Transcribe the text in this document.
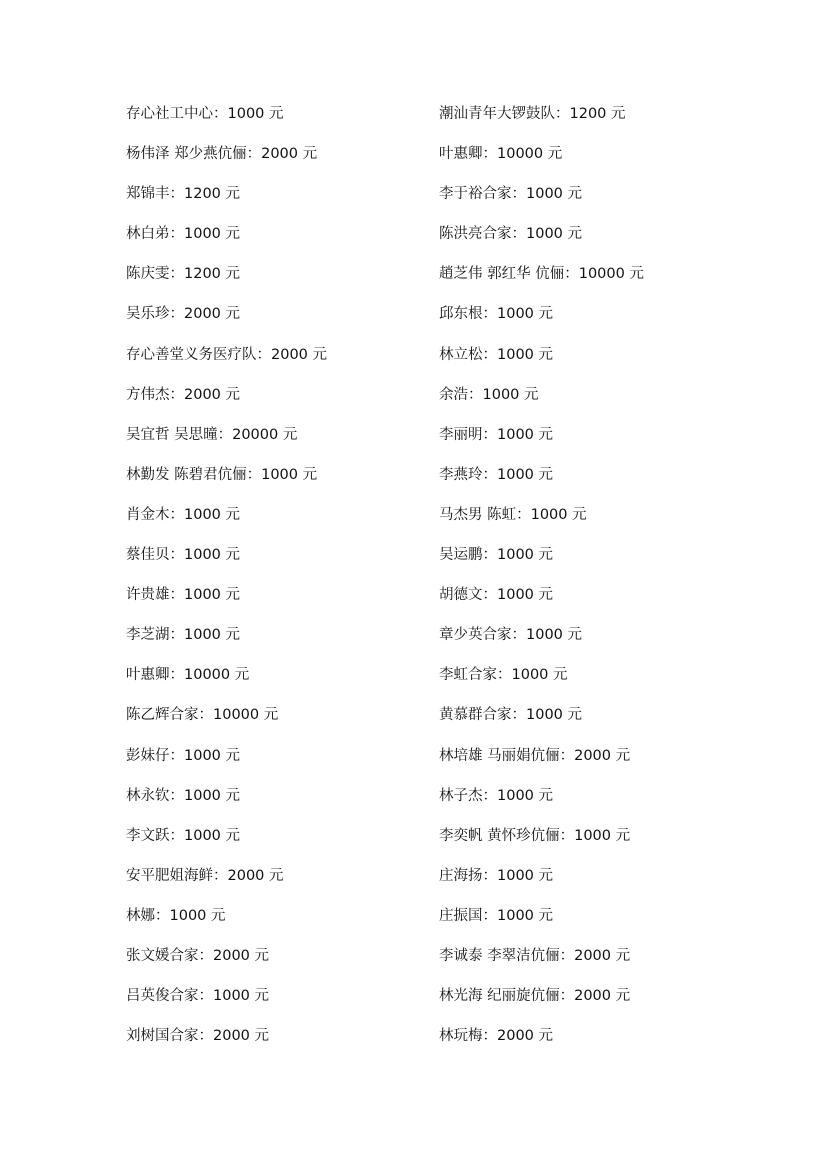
存心社工中心：1000 元
杨伟泽 郑少燕伉俪：2000 元
郑锦丰：1200 元
林白弟：1000 元
陈庆雯：1200 元
吴乐珍：2000 元
存心善堂义务医疗队：2000 元
方伟杰：2000 元
吴宜哲 吴思曈：20000 元
林勤发 陈碧君伉俪：1000 元
肖金木：1000 元
蔡佳贝：1000 元
许贵雄：1000 元
李芝湖：1000 元
叶惠卿：10000 元
陈乙辉合家：10000 元
彭妹仔：1000 元
林永钦：1000 元
李文跃：1000 元
安平肥姐海鲜：2000 元
林娜：1000 元
张文媛合家：2000 元
吕英俊合家：1000 元
刘树国合家：2000 元
潮汕青年大锣鼓队：1200 元
叶惠卿：10000 元
李于裕合家：1000 元
陈洪亮合家：1000 元
趙芝伟 郭红华 伉俪：10000 元
邱东根：1000 元
林立松：1000 元
余浩：1000 元
李丽明：1000 元
李燕玲：1000 元
马杰男 陈虹：1000 元
吴运鹏：1000 元
胡德文：1000 元
章少英合家：1000 元
李虹合家：1000 元
黄慕群合家：1000 元
林培雄 马丽娟伉俪：2000 元
林子杰：1000 元
李奕帆 黄怀珍伉俪：1000 元
庄海扬：1000 元
庄振国：1000 元
李诚泰 李翠洁伉俪：2000 元
林光海 纪丽旋伉俪：2000 元
林玩梅：2000 元
